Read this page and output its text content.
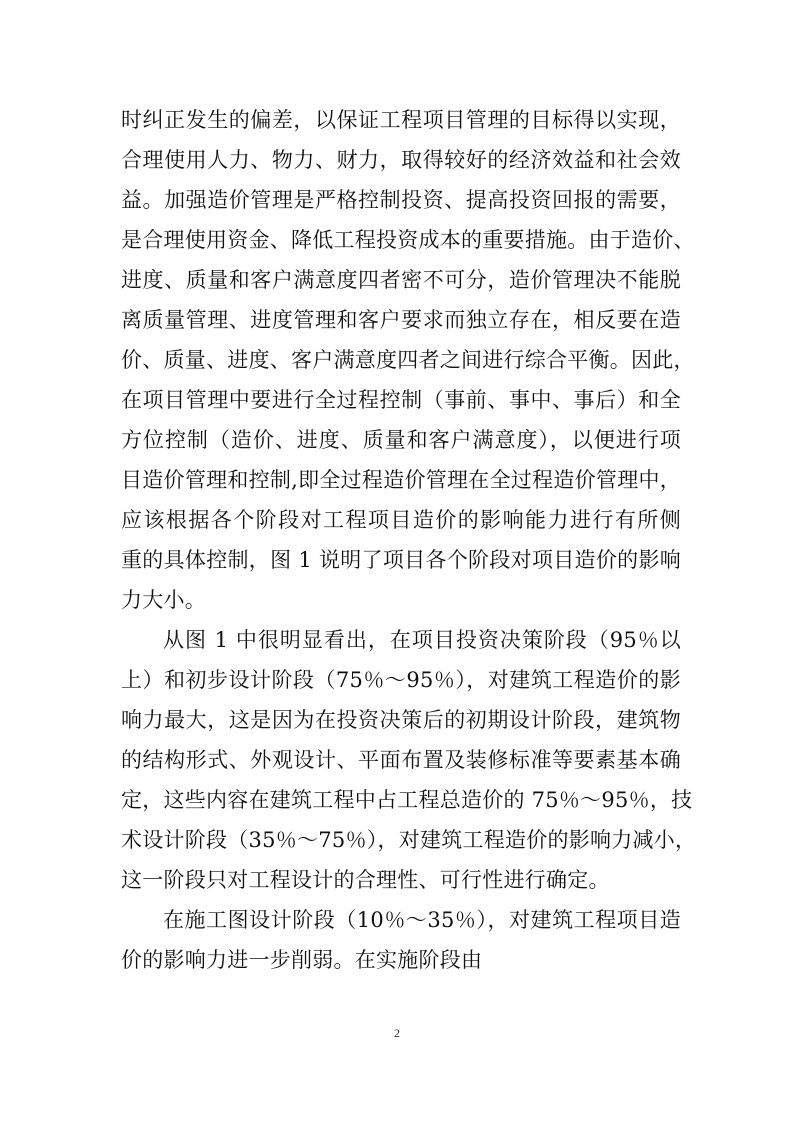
时纠正发生的偏差，以保证工程项目管理的目标得以实现，
合理使用人力、物力、财力，取得较好的经济效益和社会效
益。加强造价管理是严格控制投资、提高投资回报的需要，
是合理使用资金、降低工程投资成本的重要措施。由于造价、
进度、质量和客户满意度四者密不可分，造价管理决不能脱
离质量管理、进度管理和客户要求而独立存在，相反要在造
价、质量、进度、客户满意度四者之间进行综合平衡。因此，
在项目管理中要进行全过程控制（事前、事中、事后）和全
方位控制（造价、进度、质量和客户满意度），以便进行项
目造价管理和控制,即全过程造价管理在全过程造价管理中，
应该根据各个阶段对工程项目造价的影响能力进行有所侧
重的具体控制，图 1 说明了项目各个阶段对项目造价的影响
力大小。
从图 1 中很明显看出，在项目投资决策阶段（95％以
上）和初步设计阶段（75％～95％），对建筑工程造价的影
响力最大，这是因为在投资决策后的初期设计阶段，建筑物
的结构形式、外观设计、平面布置及装修标准等要素基本确
定，这些内容在建筑工程中占工程总造价的 75％～95％，技
术设计阶段（35％～75％），对建筑工程造价的影响力减小，
这一阶段只对工程设计的合理性、可行性进行确定。
在施工图设计阶段（10％～35％），对建筑工程项目造
价的影响力进一步削弱。在实施阶段由
2
